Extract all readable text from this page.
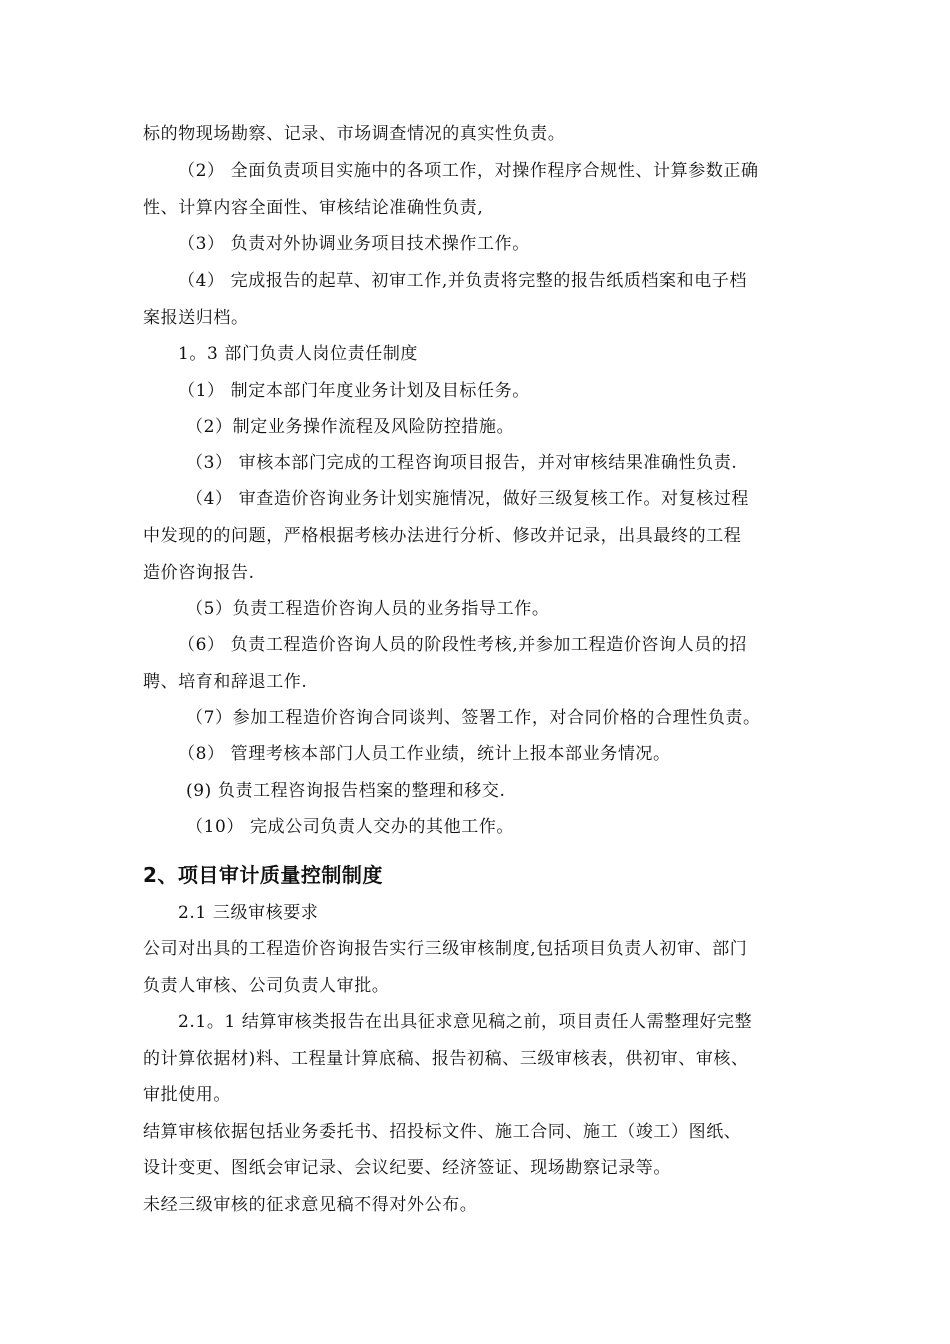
标的物现场勘察、记录、市场调查情况的真实性负责。
（2） 全面负责项目实施中的各项工作，对操作程序合规性、计算参数正确
性、计算内容全面性、审核结论准确性负责,
（3） 负责对外协调业务项目技术操作工作。
（4） 完成报告的起草、初审工作,并负责将完整的报告纸质档案和电子档
案报送归档。
1。3 部门负责人岗位责任制度
（1） 制定本部门年度业务计划及目标任务。
（2）制定业务操作流程及风险防控措施。
（3） 审核本部门完成的工程咨询项目报告，并对审核结果准确性负责.
（4） 审查造价咨询业务计划实施情况，做好三级复核工作。对复核过程
中发现的的问题，严格根据考核办法进行分析、修改并记录，出具最终的工程
造价咨询报告.
（5）负责工程造价咨询人员的业务指导工作。
（6） 负责工程造价咨询人员的阶段性考核,并参加工程造价咨询人员的招
聘、培育和辞退工作.
（7）参加工程造价咨询合同谈判、签署工作，对合同价格的合理性负责。
（8） 管理考核本部门人员工作业绩，统计上报本部业务情况。
(9) 负责工程咨询报告档案的整理和移交.
（10） 完成公司负责人交办的其他工作。
2、项目审计质量控制制度
2.1 三级审核要求
公司对出具的工程造价咨询报告实行三级审核制度,包括项目负责人初审、部门
负责人审核、公司负责人审批。
2.1。1 结算审核类报告在出具征求意见稿之前，项目责任人需整理好完整
的计算依据材)料、工程量计算底稿、报告初稿、三级审核表，供初审、审核、
审批使用。
结算审核依据包括业务委托书、招投标文件、施工合同、施工（竣工）图纸、
设计变更、图纸会审记录、会议纪要、经济签证、现场勘察记录等。
未经三级审核的征求意见稿不得对外公布。
